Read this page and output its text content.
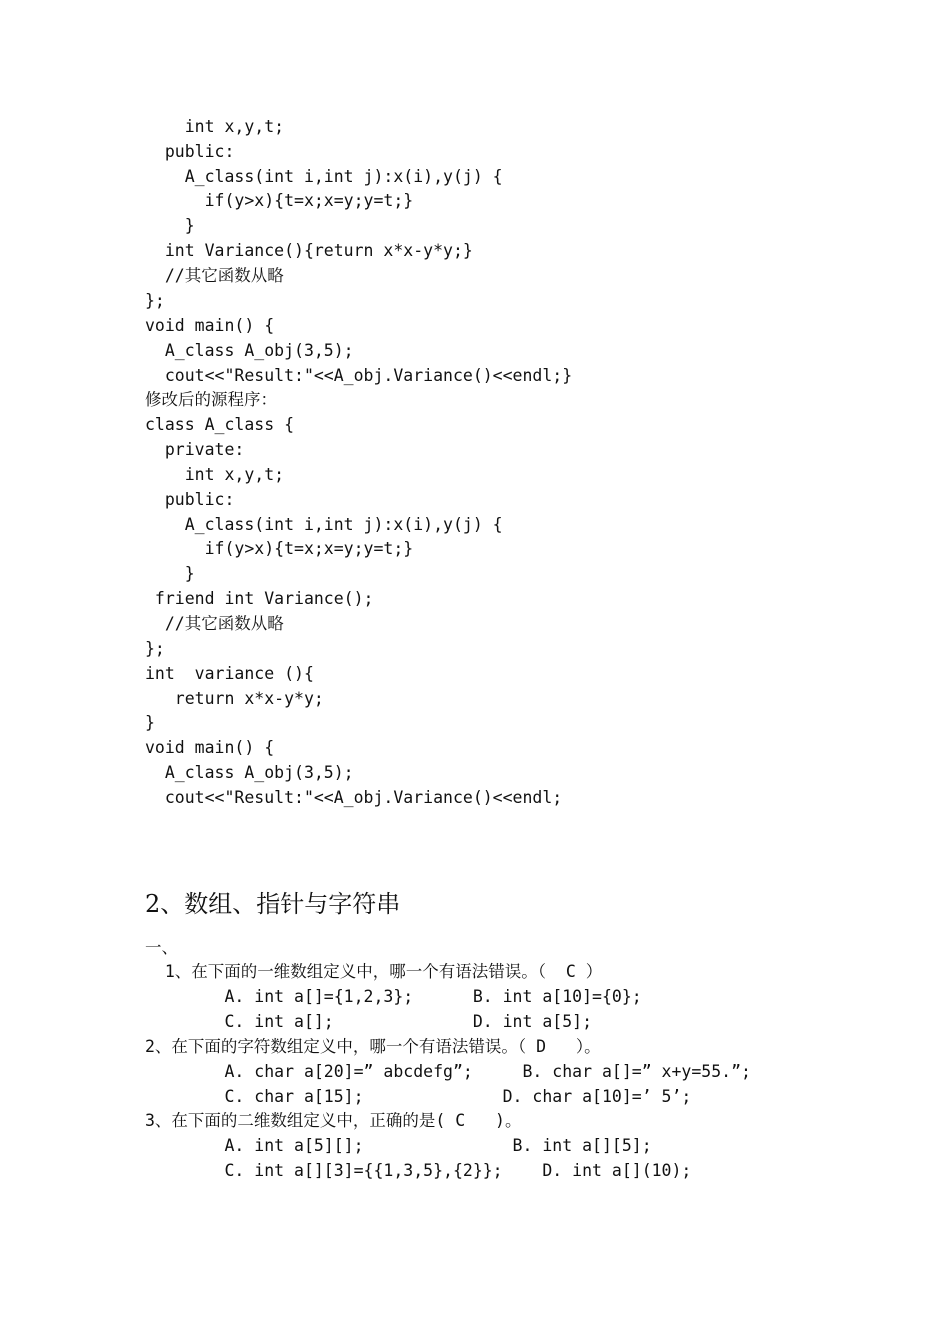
int x,y,t;
public:
A_class(int i,int j):x(i),y(j) {
if(y>x){t=x;x=y;y=t;}
}
int Variance(){return x*x-y*y;}
//其它函数从略
};
void main() {
A_class A_obj(3,5);
cout<<"Result:"<<A_obj.Variance()<<endl;}
修改后的源程序：
class A_class {
private:
int x,y,t;
public:
A_class(int i,int j):x(i),y(j) {
if(y>x){t=x;x=y;y=t;}
}
friend int Variance();
//其它函数从略
};
int  variance (){
return x*x-y*y;
}
void main() {
A_class A_obj(3,5);
cout<<"Result:"<<A_obj.Variance()<<endl;
2、数组、指针与字符串
一、
1、在下面的一维数组定义中，哪一个有语法错误。（  C ）
A. int a[]={1,2,3};      B. int a[10]={0};
C. int a[];              D. int a[5];
2、在下面的字符数组定义中，哪一个有语法错误。（ D   ）。
A. char a[20]=” abcdefg”;     B. char a[]=” x+y=55.”;
C. char a[15];              D. char a[10]=’ 5’;
3、在下面的二维数组定义中，正确的是( C   )。
A. int a[5][];               B. int a[][5];
C. int a[][3]={{1,3,5},{2}};    D. int a[](10);
